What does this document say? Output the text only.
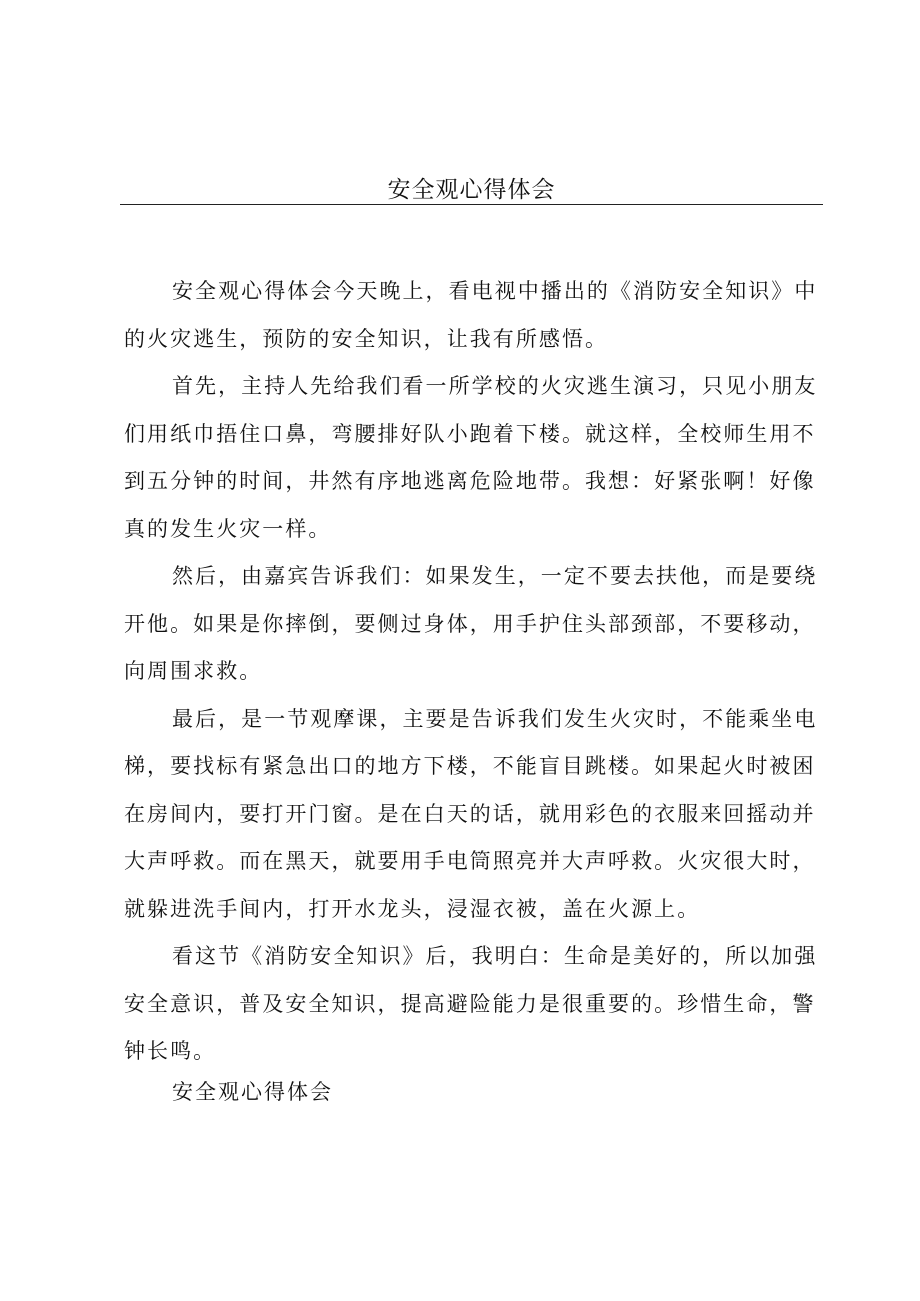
安全观心得体会

安全观心得体会今天晚上，看电视中播出的《消防安全知识》中
的火灾逃生，预防的安全知识，让我有所感悟。

首先，主持人先给我们看一所学校的火灾逃生演习，只见小朋友
们用纸巾捂住口鼻，弯腰排好队小跑着下楼。就这样，全校师生用不
到五分钟的时间，井然有序地逃离危险地带。我想：好紧张啊！好像
真的发生火灾一样。

然后，由嘉宾告诉我们：如果发生，一定不要去扶他，而是要绕
开他。如果是你摔倒，要侧过身体，用手护住头部颈部，不要移动，
向周围求救。

最后，是一节观摩课，主要是告诉我们发生火灾时，不能乘坐电
梯，要找标有紧急出口的地方下楼，不能盲目跳楼。如果起火时被困
在房间内，要打开门窗。是在白天的话，就用彩色的衣服来回摇动并
大声呼救。而在黑天，就要用手电筒照亮并大声呼救。火灾很大时，
就躲进洗手间内，打开水龙头，浸湿衣被，盖在火源上。

看这节《消防安全知识》后，我明白：生命是美好的，所以加强
安全意识，普及安全知识，提高避险能力是很重要的。珍惜生命，警
钟长鸣。

安全观心得体会
